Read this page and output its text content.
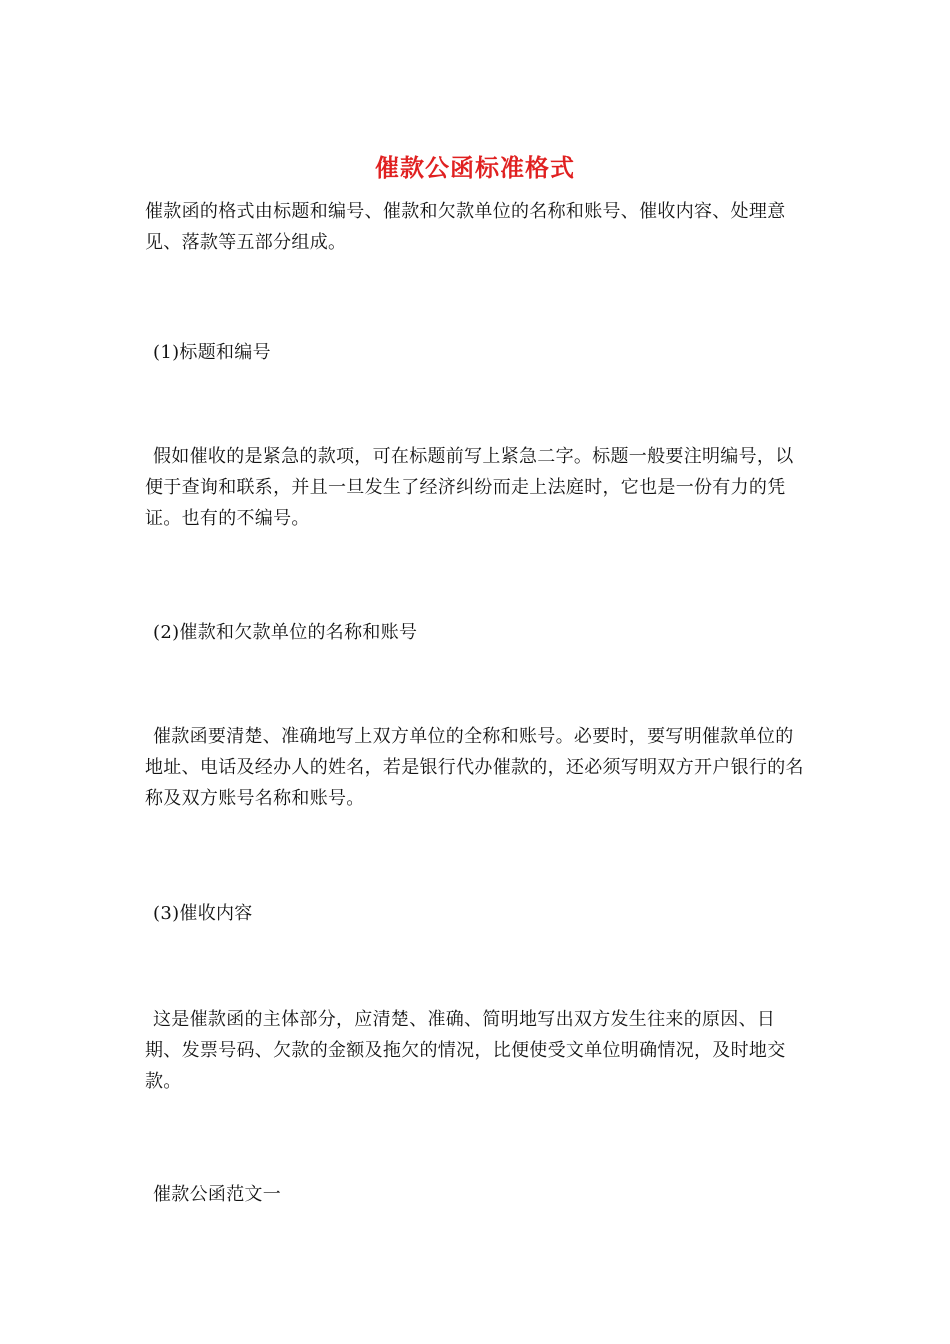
催款公函标准格式
催款函的格式由标题和编号、催款和欠款单位的名称和账号、催收内容、处理意见、落款等五部分组成。
(1)标题和编号
假如催收的是紧急的款项，可在标题前写上紧急二字。标题一般要注明编号，以便于查询和联系，并且一旦发生了经济纠纷而走上法庭时，它也是一份有力的凭证。也有的不编号。
(2)催款和欠款单位的名称和账号
催款函要清楚、准确地写上双方单位的全称和账号。必要时，要写明催款单位的地址、电话及经办人的姓名，若是银行代办催款的，还必须写明双方开户银行的名称及双方账号名称和账号。
(3)催收内容
这是催款函的主体部分，应清楚、准确、简明地写出双方发生往来的原因、日期、发票号码、欠款的金额及拖欠的情况，比便使受文单位明确情况，及时地交款。
催款公函范文一
